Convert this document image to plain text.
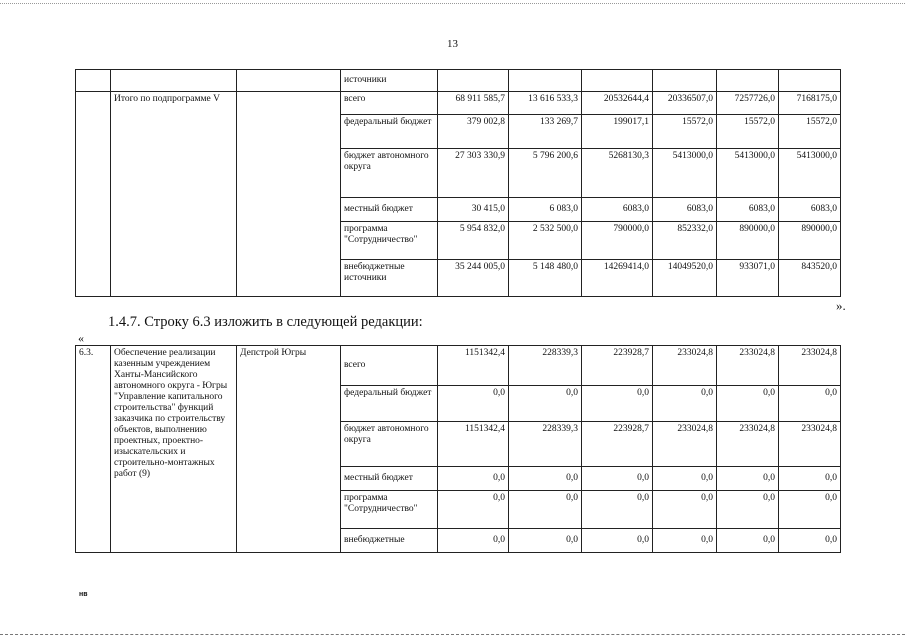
13
			источники						
	Итого по подпрограмме V		всего	68 911 585,7	13 616 533,3	20532644,4	20336507,0	7257726,0	7168175,0
			федеральный бюджет	379 002,8	133 269,7	199017,1	15572,0	15572,0	15572,0
			бюджет автономного округа	27 303 330,9	5 796 200,6	5268130,3	5413000,0	5413000,0	5413000,0
			местный бюджет	30 415,0	6 083,0	6083,0	6083,0	6083,0	6083,0
			программа "Сотрудничество"	5 954 832,0	2 532 500,0	790000,0	852332,0	890000,0	890000,0
			внебюджетные источники	35 244 005,0	5 148 480,0	14269414,0	14049520,0	933071,0	843520,0
».
1.4.7. Строку 6.3 изложить в следующей редакции:
«
6.3.	Обеспечение реализации казенным учреждением Ханты-Мансийского автономного округа - Югры "Управление капитального строительства" функций заказчика по строительству объектов, выполнению проектных, проектно-изыскательских и строительно-монтажных работ (9)	Депстрой Югры	всего	1151342,4	228339,3	223928,7	233024,8	233024,8	233024,8
			федеральный бюджет	0,0	0,0	0,0	0,0	0,0	0,0
			бюджет автономного округа	1151342,4	228339,3	223928,7	233024,8	233024,8	233024,8
			местный бюджет	0,0	0,0	0,0	0,0	0,0	0,0
			программа "Сотрудничество"	0,0	0,0	0,0	0,0	0,0	0,0
			внебюджетные	0,0	0,0	0,0	0,0	0,0	0,0
нв
